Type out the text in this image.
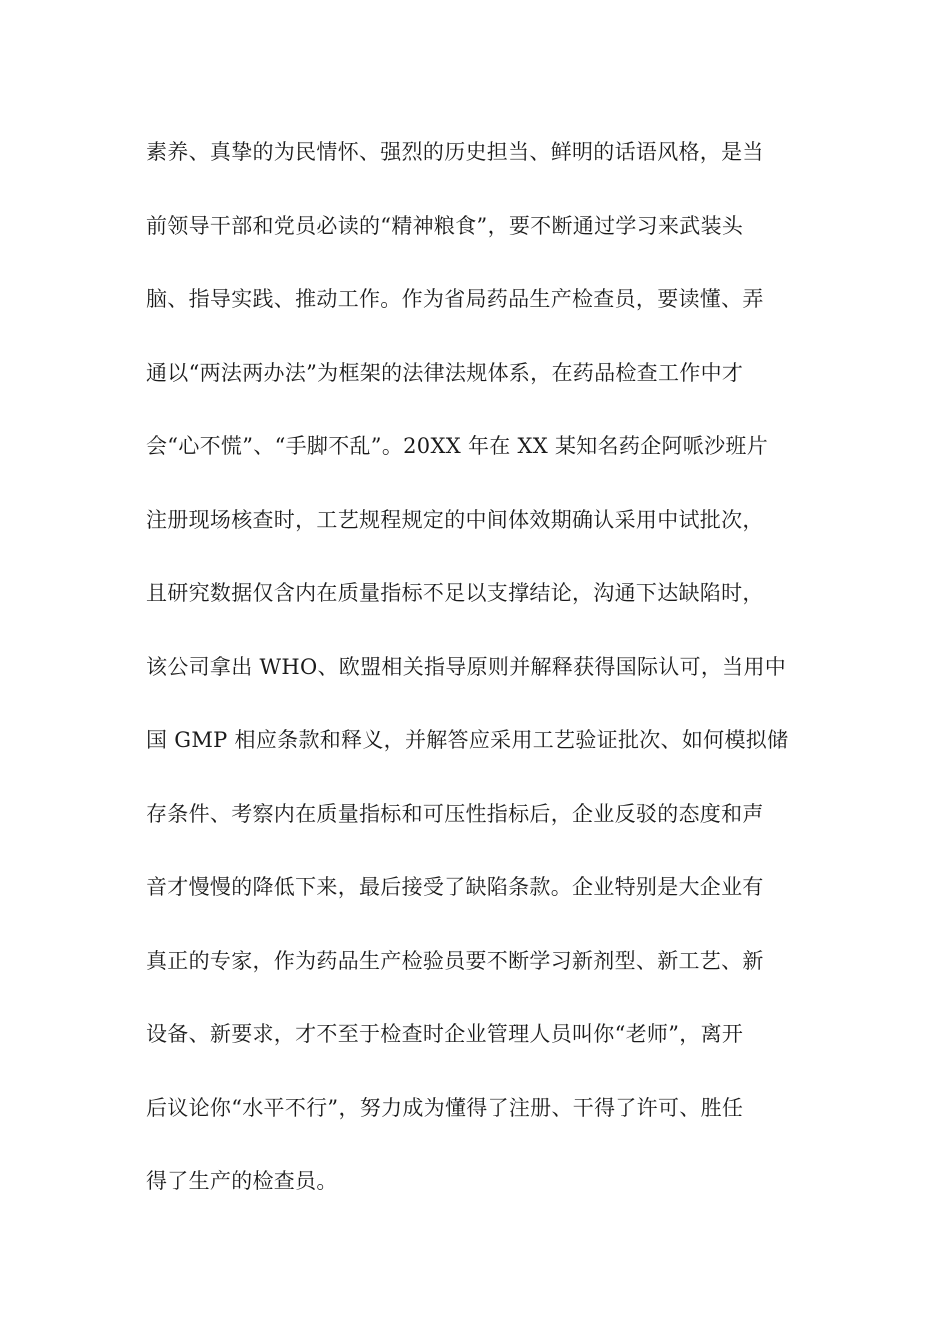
素养、真挚的为民情怀、强烈的历史担当、鲜明的话语风格，是当
前领导干部和党员必读的“精神粮食”，要不断通过学习来武装头
脑、指导实践、推动工作。作为省局药品生产检查员，要读懂、弄
通以“两法两办法”为框架的法律法规体系，在药品检查工作中才
会“心不慌”、“手脚不乱”。20XX 年在 XX 某知名药企阿哌沙班片
注册现场核查时，工艺规程规定的中间体效期确认采用中试批次，
且研究数据仅含内在质量指标不足以支撑结论，沟通下达缺陷时，
该公司拿出 WHO、欧盟相关指导原则并解释获得国际认可，当用中
国 GMP 相应条款和释义，并解答应采用工艺验证批次、如何模拟储
存条件、考察内在质量指标和可压性指标后，企业反驳的态度和声
音才慢慢的降低下来，最后接受了缺陷条款。企业特别是大企业有
真正的专家，作为药品生产检验员要不断学习新剂型、新工艺、新
设备、新要求，才不至于检查时企业管理人员叫你“老师”，离开
后议论你“水平不行”，努力成为懂得了注册、干得了许可、胜任
得了生产的检查员。
